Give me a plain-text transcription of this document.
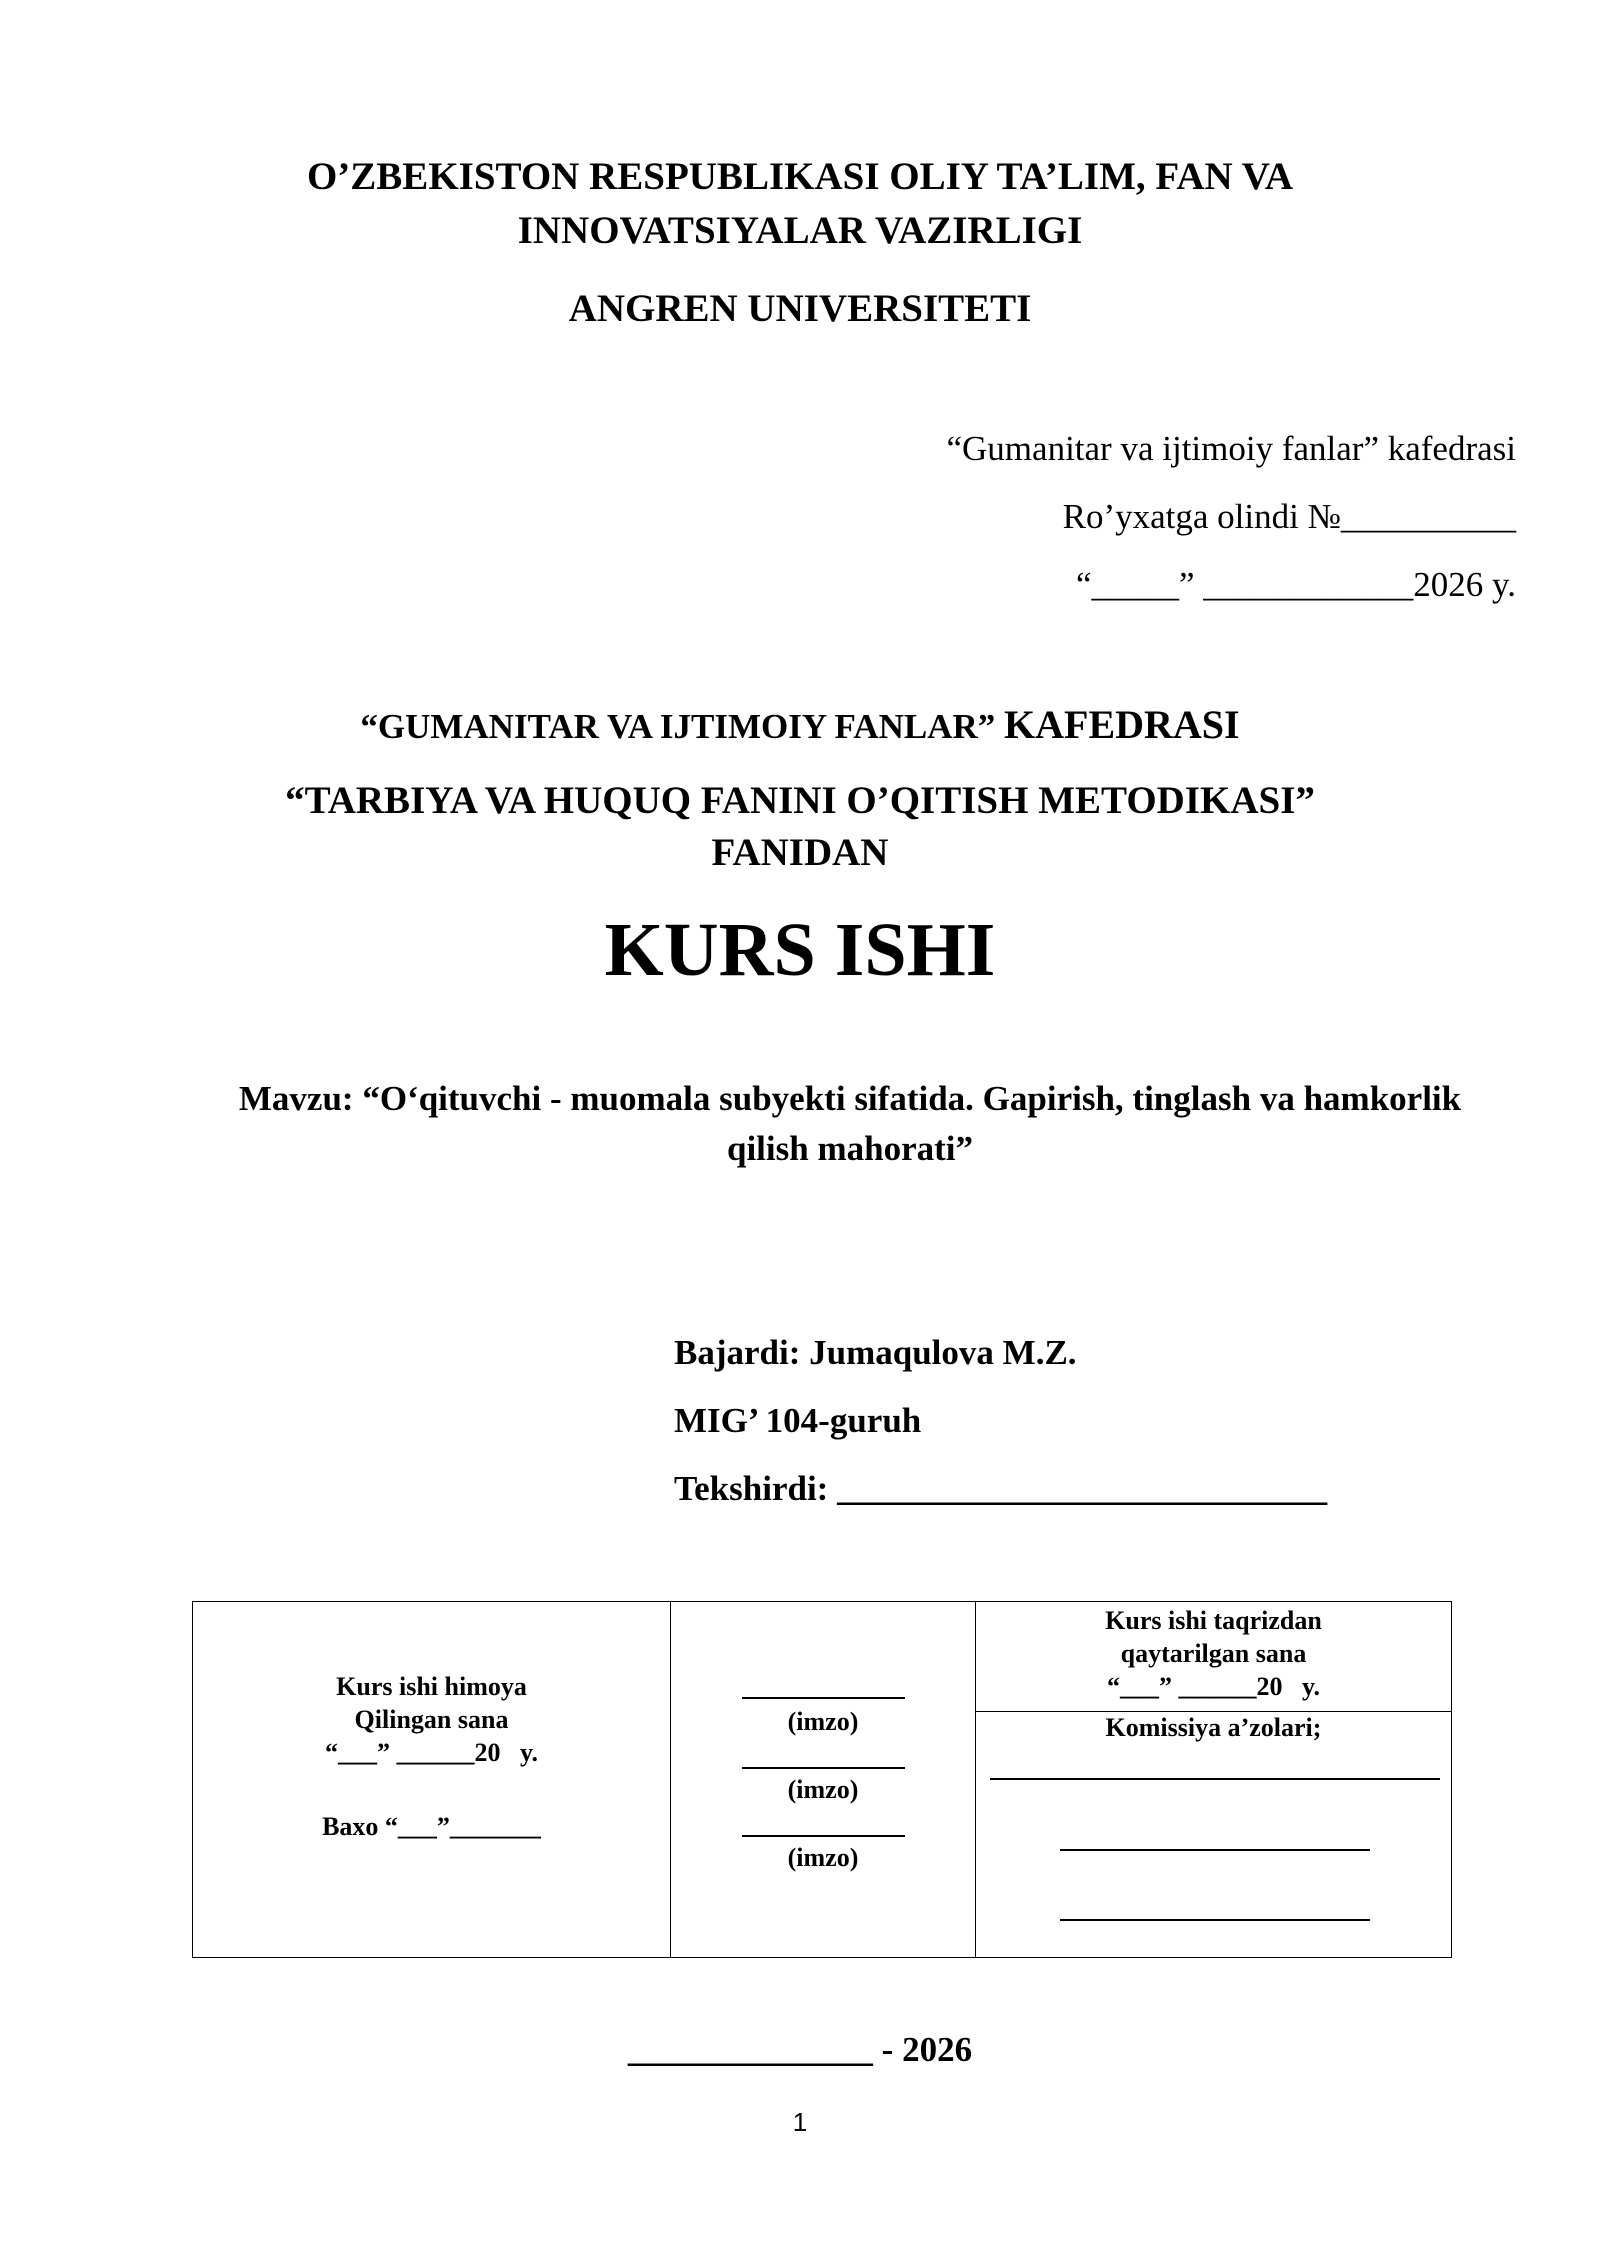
O’ZBEKISTON RESPUBLIKASI OLIY TA’LIM, FAN VA
INNOVATSIYALAR VAZIRLIGI
ANGREN UNIVERSITETI
“Gumanitar va ijtimoiy fanlar” kafedrasi
Ro’yxatga olindi №__________
“_____” ____________2026 y.
“GUMANITAR VA IJTIMOIY FANLAR” KAFEDRASI
“TARBIYA VA HUQUQ FANINI O’QITISH METODIKASI”
FANIDAN
KURS ISHI
Mavzu: “O‘qituvchi - muomala subyekti sifatida. Gapirish, tinglash va hamkorlik
qilish mahorati”
Bajardi: Jumaqulova M.Z.
MIG’ 104-guruh
Tekshirdi: ____________________________
Kurs ishi himoya
Qilingan sana
“___” ______20   y.
Baxo “___”_______
(imzo)
(imzo)
(imzo)
Kurs ishi taqrizdan
qaytarilgan sana
“___” ______20   y.
Komissiya a’zolari;
______________ - 2026
1
